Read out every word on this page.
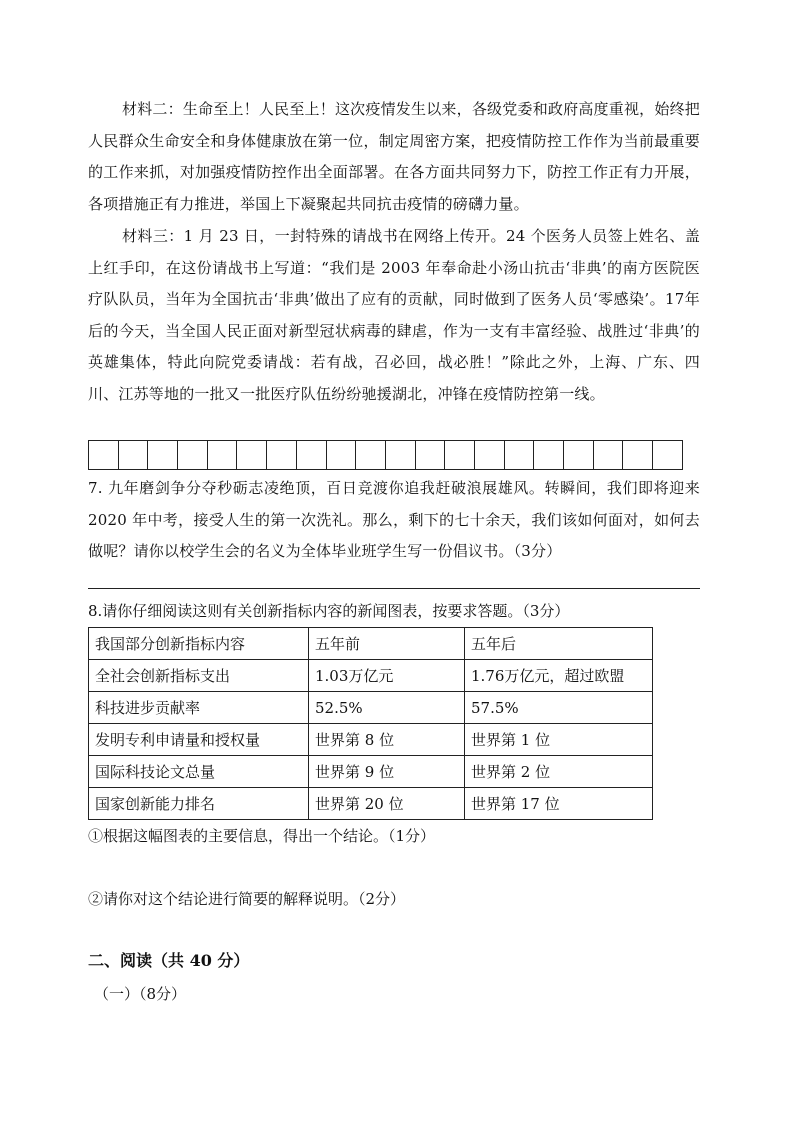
材料二：生命至上！人民至上！这次疫情发生以来，各级党委和政府高度重视，始终把人民群众生命安全和身体健康放在第一位，制定周密方案，把疫情防控工作作为当前最重要的工作来抓，对加强疫情防控作出全面部署。在各方面共同努力下，防控工作正有力开展，各项措施正有力推进，举国上下凝聚起共同抗击疫情的磅礴力量。

材料三：1 月 23 日，一封特殊的请战书在网络上传开。24 个医务人员签上姓名、盖上红手印，在这份请战书上写道：“我们是 2003 年奉命赴小汤山抗击‘非典’的南方医院医疗队队员，当年为全国抗击‘非典’做出了应有的贡献，同时做到了医务人员‘零感染’。17年后的今天，当全国人民正面对新型冠状病毒的肆虐，作为一支有丰富经验、战胜过‘非典’的英雄集体，特此向院党委请战：若有战，召必回，战必胜！”除此之外，上海、广东、四川、江苏等地的一批又一批医疗队伍纷纷驰援湖北，冲锋在疫情防控第一线。

7. 九年磨剑争分夺秒砺志凌绝顶，百日竞渡你追我赶破浪展雄风。转瞬间，我们即将迎来 2020 年中考，接受人生的第一次洗礼。那么，剩下的七十余天，我们该如何面对，如何去做呢？请你以校学生会的名义为全体毕业班学生写一份倡议书。（3分）

8.请你仔细阅读这则有关创新指标内容的新闻图表，按要求答题。（3分）
我国部分创新指标内容	五年前	五年后
全社会创新指标支出	1.03万亿元	1.76万亿元，超过欧盟
科技进步贡献率	52.5%	57.5%
发明专利申请量和授权量	世界第 8 位	世界第 1 位
国际科技论文总量	世界第 9 位	世界第 2 位
国家创新能力排名	世界第 20 位	世界第 17 位
①根据这幅图表的主要信息，得出一个结论。（1分）
②请你对这个结论进行简要的解释说明。（2分）
二、阅读（共 40 分）
（一）（8分）
